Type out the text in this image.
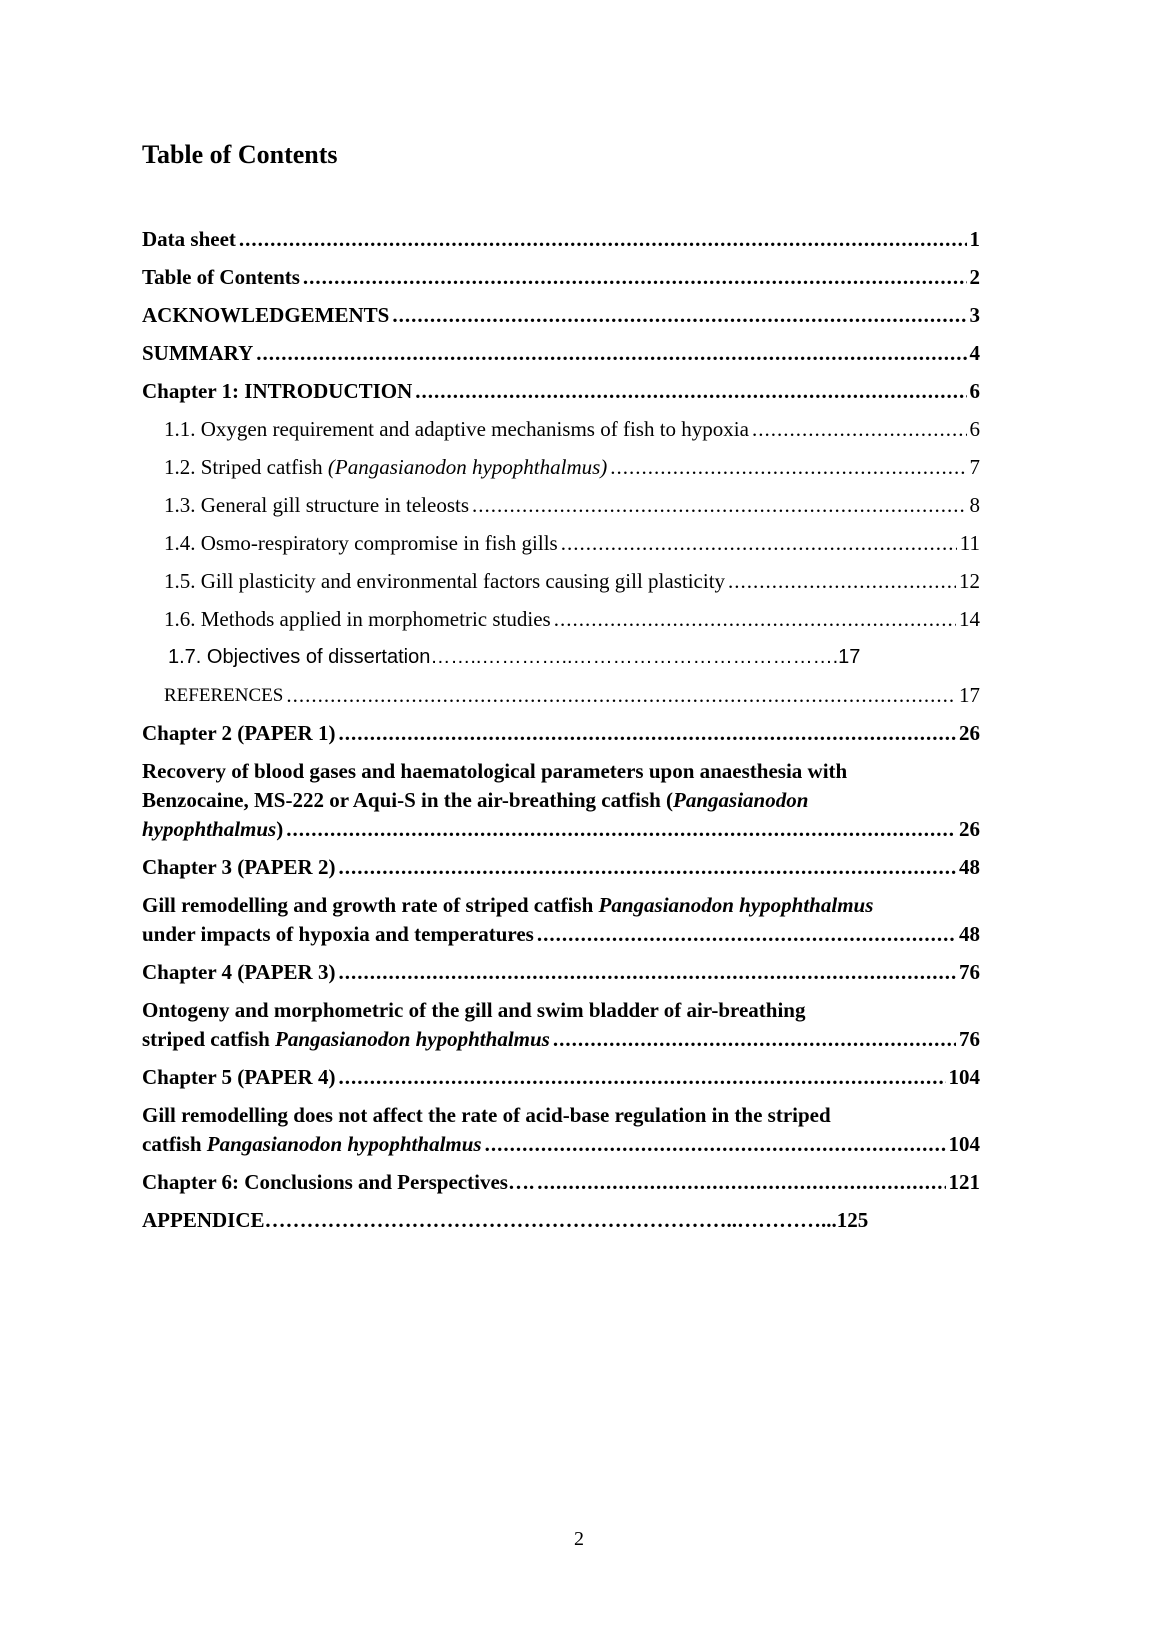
Table of Contents
Data sheet .....	1
Table of Contents .....	2
ACKNOWLEDGEMENTS .....	3
SUMMARY .....	4
Chapter 1: INTRODUCTION .....	6
1.1. Oxygen requirement and adaptive mechanisms of fish to hypoxia .....	6
1.2. Striped catfish (Pangasianodon hypophthalmus) .....	7
1.3. General gill structure in teleosts .....	8
1.4. Osmo-respiratory compromise in fish gills .....	11
1.5. Gill plasticity and environmental factors causing gill plasticity .....	12
1.6. Methods applied in morphometric studies .....	14
1.7. Objectives of dissertation……..…………..………………………………….17
REFERENCES .....	17
Chapter 2 (PAPER 1) .....	26
Recovery of blood gases and haematological parameters upon anaesthesia with
Benzocaine, MS-222 or Aqui-S in the air-breathing catfish (Pangasianodon
hypophthalmus) .....	26
Chapter 3 (PAPER 2) .....	48
Gill remodelling and growth rate of striped catfish Pangasianodon hypophthalmus
under impacts of hypoxia and temperatures .....	48
Chapter 4 (PAPER 3) .....	76
Ontogeny and morphometric of the gill and swim bladder of air-breathing
striped catfish Pangasianodon hypophthalmus .....	76
Chapter 5 (PAPER 4) .....	104
Gill remodelling does not affect the rate of acid-base regulation in the striped
catfish Pangasianodon hypophthalmus .....	104
Chapter 6: Conclusions and Perspectives…. .....	121
APPENDICE…………………………………………………………..…………...125
2
